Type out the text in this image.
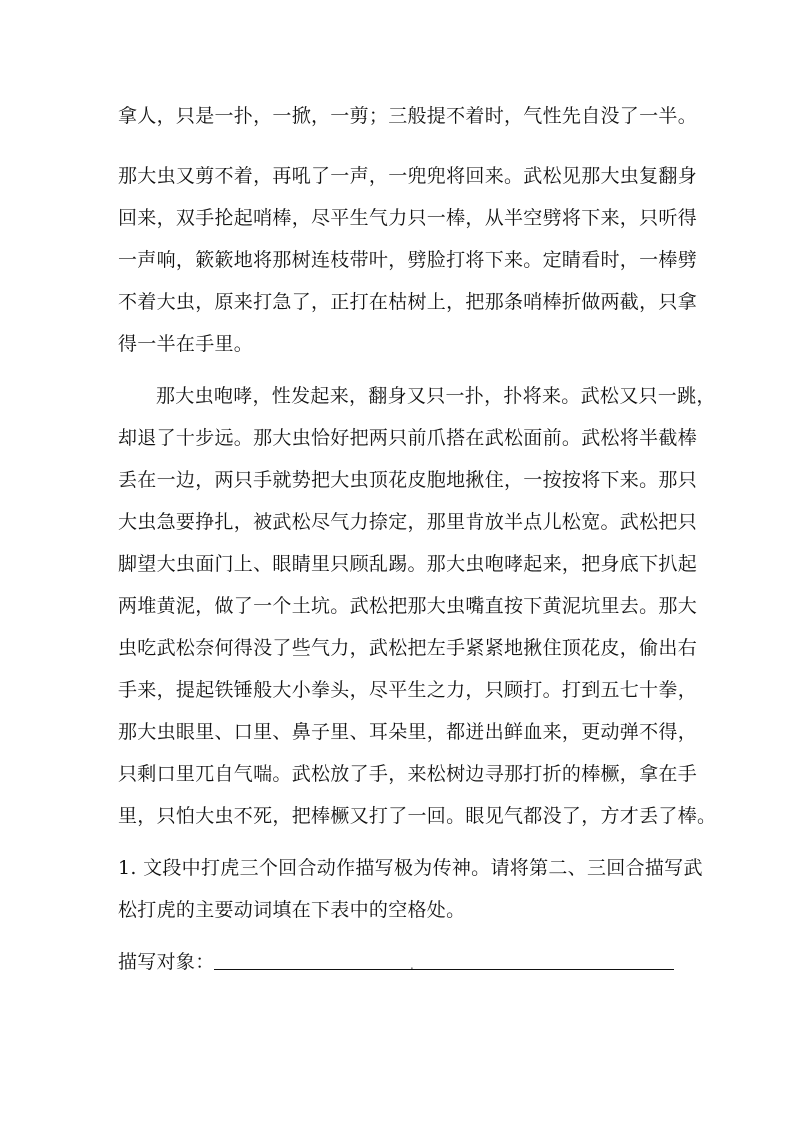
拿人，只是一扑，一掀，一剪；三般提不着时，气性先自没了一半。
那大虫又剪不着，再吼了一声，一兜兜将回来。武松见那大虫复翻身
回来，双手抡起哨棒，尽平生气力只一棒，从半空劈将下来，只听得
一声响，簌簌地将那树连枝带叶，劈脸打将下来。定睛看时，一棒劈
不着大虫，原来打急了，正打在枯树上，把那条哨棒折做两截，只拿
得一半在手里。
那大虫咆哮，性发起来，翻身又只一扑，扑将来。武松又只一跳，
却退了十步远。那大虫恰好把两只前爪搭在武松面前。武松将半截棒
丢在一边，两只手就势把大虫顶花皮胞地揪住，一按按将下来。那只
大虫急要挣扎，被武松尽气力捺定，那里肯放半点儿松宽。武松把只
脚望大虫面门上、眼睛里只顾乱踢。那大虫咆哮起来，把身底下扒起
两堆黄泥，做了一个土坑。武松把那大虫嘴直按下黄泥坑里去。那大
虫吃武松奈何得没了些气力，武松把左手紧紧地揪住顶花皮，偷出右
手来，提起铁锤般大小拳头，尽平生之力，只顾打。打到五七十拳，
那大虫眼里、口里、鼻子里、耳朵里，都迸出鲜血来，更动弹不得，
只剩口里兀自气喘。武松放了手，来松树边寻那打折的棒橛，拿在手
里，只怕大虫不死，把棒橛又打了一回。眼见气都没了，方才丢了棒。
1. 文段中打虎三个回合动作描写极为传神。请将第二、三回合描写武
松打虎的主要动词填在下表中的空格处。
描写对象：	.
